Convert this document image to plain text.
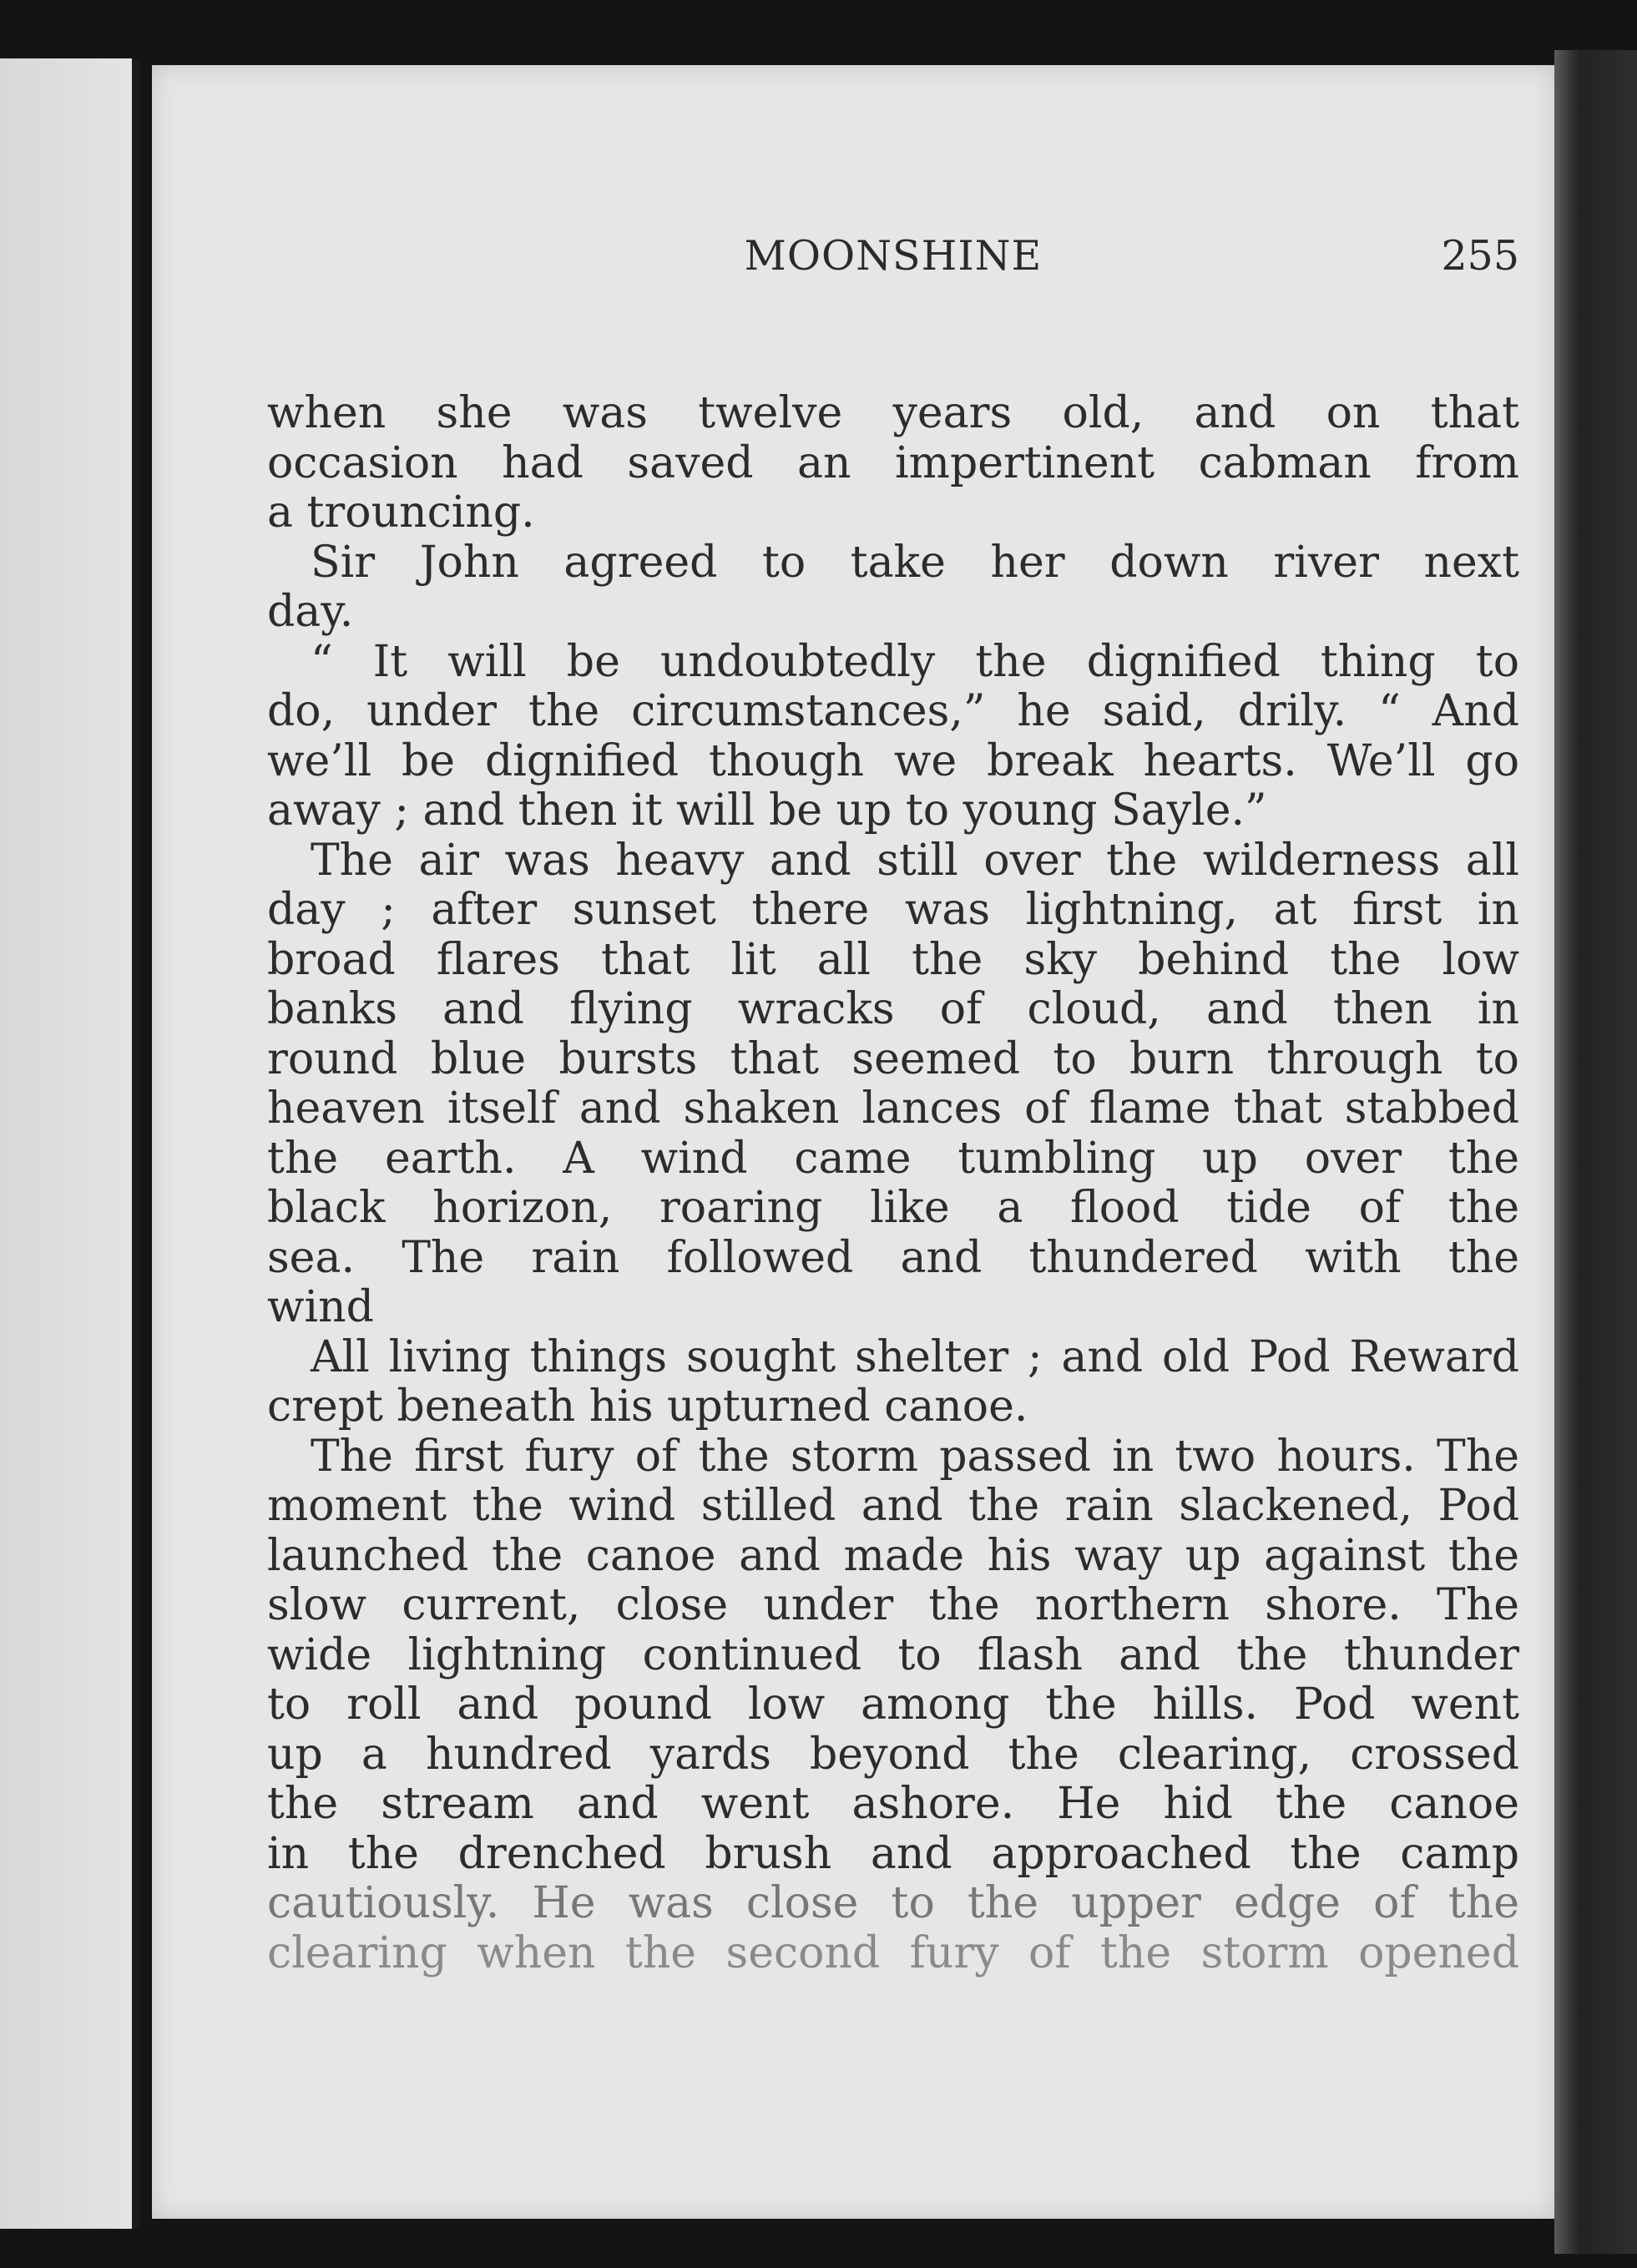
MOONSHINE	255

when she was twelve years old, and on that

occasion had saved an impertinent cabman from

a trouncing.

Sir John agreed to take her down river next

day.

“ It will be undoubtedly the dignified thing to

do, under the circumstances,” he said, drily. “ And

we’ll be dignified though we break hearts. We’ll go

away ; and then it will be up to young Sayle.”

The air was heavy and still over the wilderness all

day ; after sunset there was lightning, at first in

broad flares that lit all the sky behind the low

banks and flying wracks of cloud, and then in

round blue bursts that seemed to burn through to

heaven itself and shaken lances of flame that stabbed

the earth. A wind came tumbling up over the

black horizon, roaring like a flood tide of the

sea. The rain followed and thundered with the

wind

All living things sought shelter ; and old Pod Reward

crept beneath his upturned canoe.

The first fury of the storm passed in two hours. The

moment the wind stilled and the rain slackened, Pod

launched the canoe and made his way up against the

slow current, close under the northern shore. The

wide lightning continued to flash and the thunder

to roll and pound low among the hills. Pod went

up a hundred yards beyond the clearing, crossed

the stream and went ashore. He hid the canoe

in the drenched brush and approached the camp

cautiously. He was close to the upper edge of the

clearing when the second fury of the storm opened
